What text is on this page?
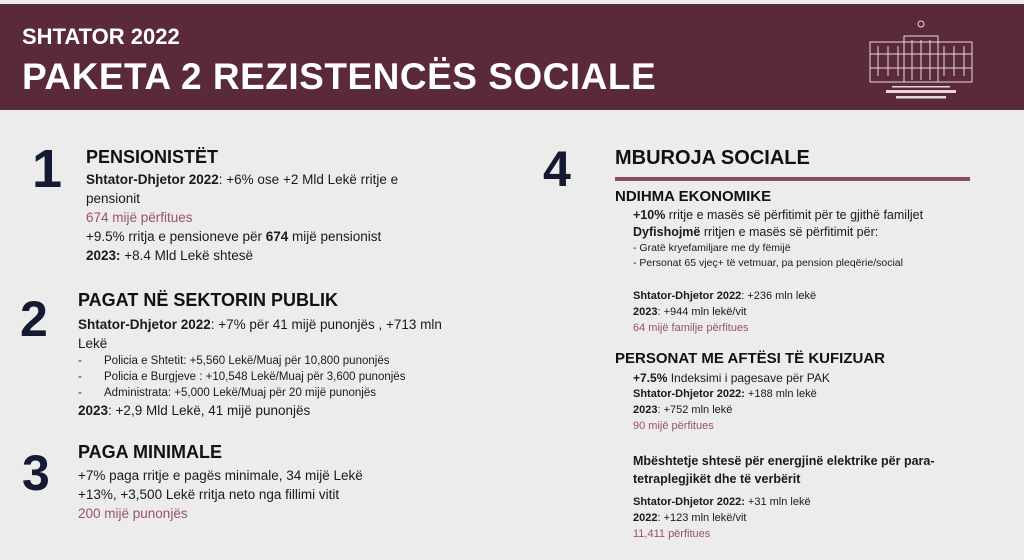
SHTATOR 2022
PAKETA 2 REZISTENCËS SOCIALE
1 PENSIONISTËT
Shtator-Dhjetor 2022: +6% ose +2 Mld Lekë rritje e
pensionit
674 mijë përfitues
+9.5% rritja e pensioneve për 674 mijë pensionist
2023: +8.4 Mld Lekë shtesë
2 PAGAT NË SEKTORIN PUBLIK
Shtator-Dhjetor 2022: +7% për 41 mijë punonjës , +713 mln
Lekë
- Policia e Shtetit: +5,560 Lekë/Muaj për 10,800 punonjës
- Policia e Burgjeve : +10,548 Lekë/Muaj për 3,600 punonjës
- Administrata: +5,000 Lekë/Muaj për 20 mijë punonjës
2023: +2,9 Mld Lekë, 41 mijë punonjës
3 PAGA MINIMALE
+7% paga rritje e pagës minimale, 34 mijë Lekë
+13%, +3,500 Lekë rritja neto nga fillimi vitit
200 mijë punonjës
4 MBUROJA SOCIALE
NDIHMA EKONOMIKE
+10% rritje e masës së përfitimit për te gjithë familjet
Dyfishojmë rritjen e masës së përfitimit për:
- Gratë kryefamiljare me dy fëmijë
- Personat 65 vjeç+ të vetmuar, pa pension pleqërie/social
Shtator-Dhjetor 2022: +236 mln lekë
2023: +944 mln lekë/vit
64 mijë familje përfitues
PERSONAT ME AFTËSI TË KUFIZUAR
+7.5% Indeksimi i pagesave për PAK
Shtator-Dhjetor 2022: +188 mln lekë
2023: +752 mln lekë
90 mijë përfitues
Mbështetje shtesë për energjinë elektrike për para-
tetraplegjikët dhe të verbërit
Shtator-Dhjetor 2022: +31 mln lekë
2022: +123 mln lekë/vit
11,411 përfitues
